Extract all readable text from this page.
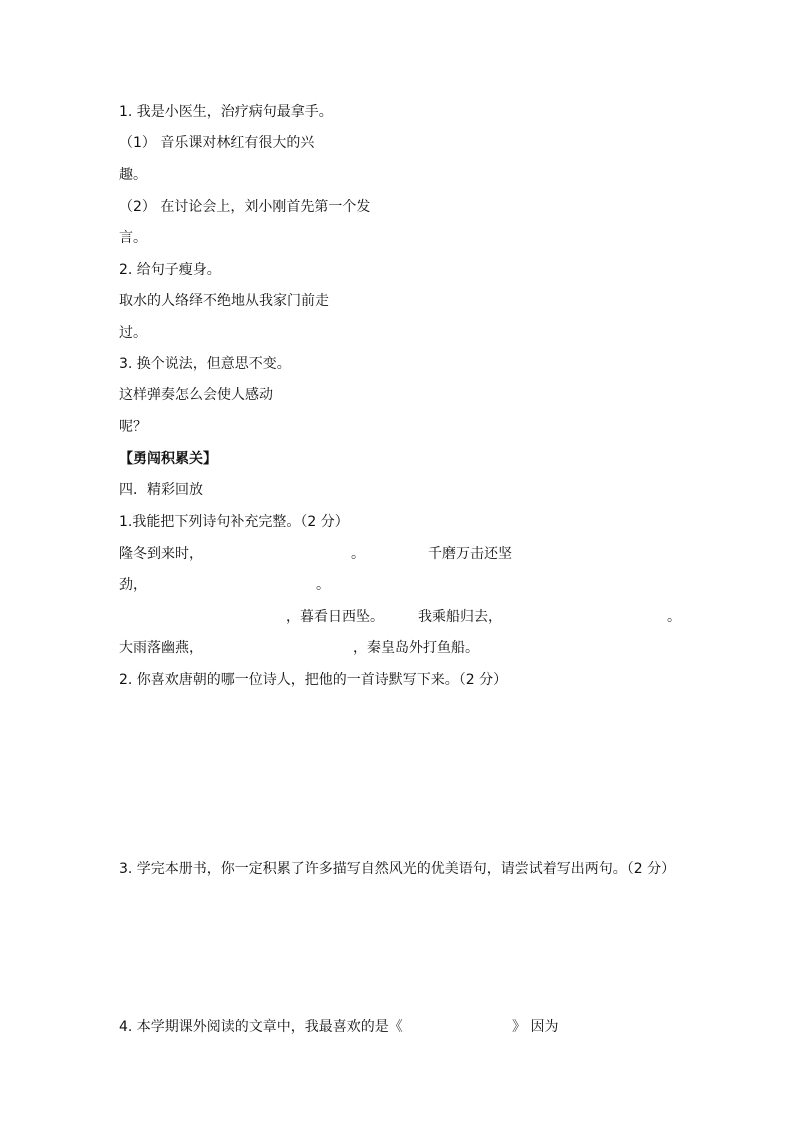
1. 我是小医生，治疗病句最拿手。
（1） 音乐课对林红有很大的兴
趣。
（2） 在讨论会上，刘小刚首先第一个发
言。
2. 给句子瘦身。
取水的人络绎不绝地从我家门前走
过。
3. 换个说法，但意思不变。
这样弹奏怎么会使人感动
呢？
【勇闯积累关】
四．精彩回放
1.我能把下列诗句补充完整。（2 分）
隆冬到来时，	。	千磨万击还坚
劲，	。
，暮看日西坠。 我乘船归去，	。
大雨落幽燕，	，秦皇岛外打鱼船。
2. 你喜欢唐朝的哪一位诗人，把他的一首诗默写下来。（2 分）
3. 学完本册书，你一定积累了许多描写自然风光的优美语句，请尝试着写出两句。（2 分）
4. 本学期课外阅读的文章中，我最喜欢的是《	》 因为
